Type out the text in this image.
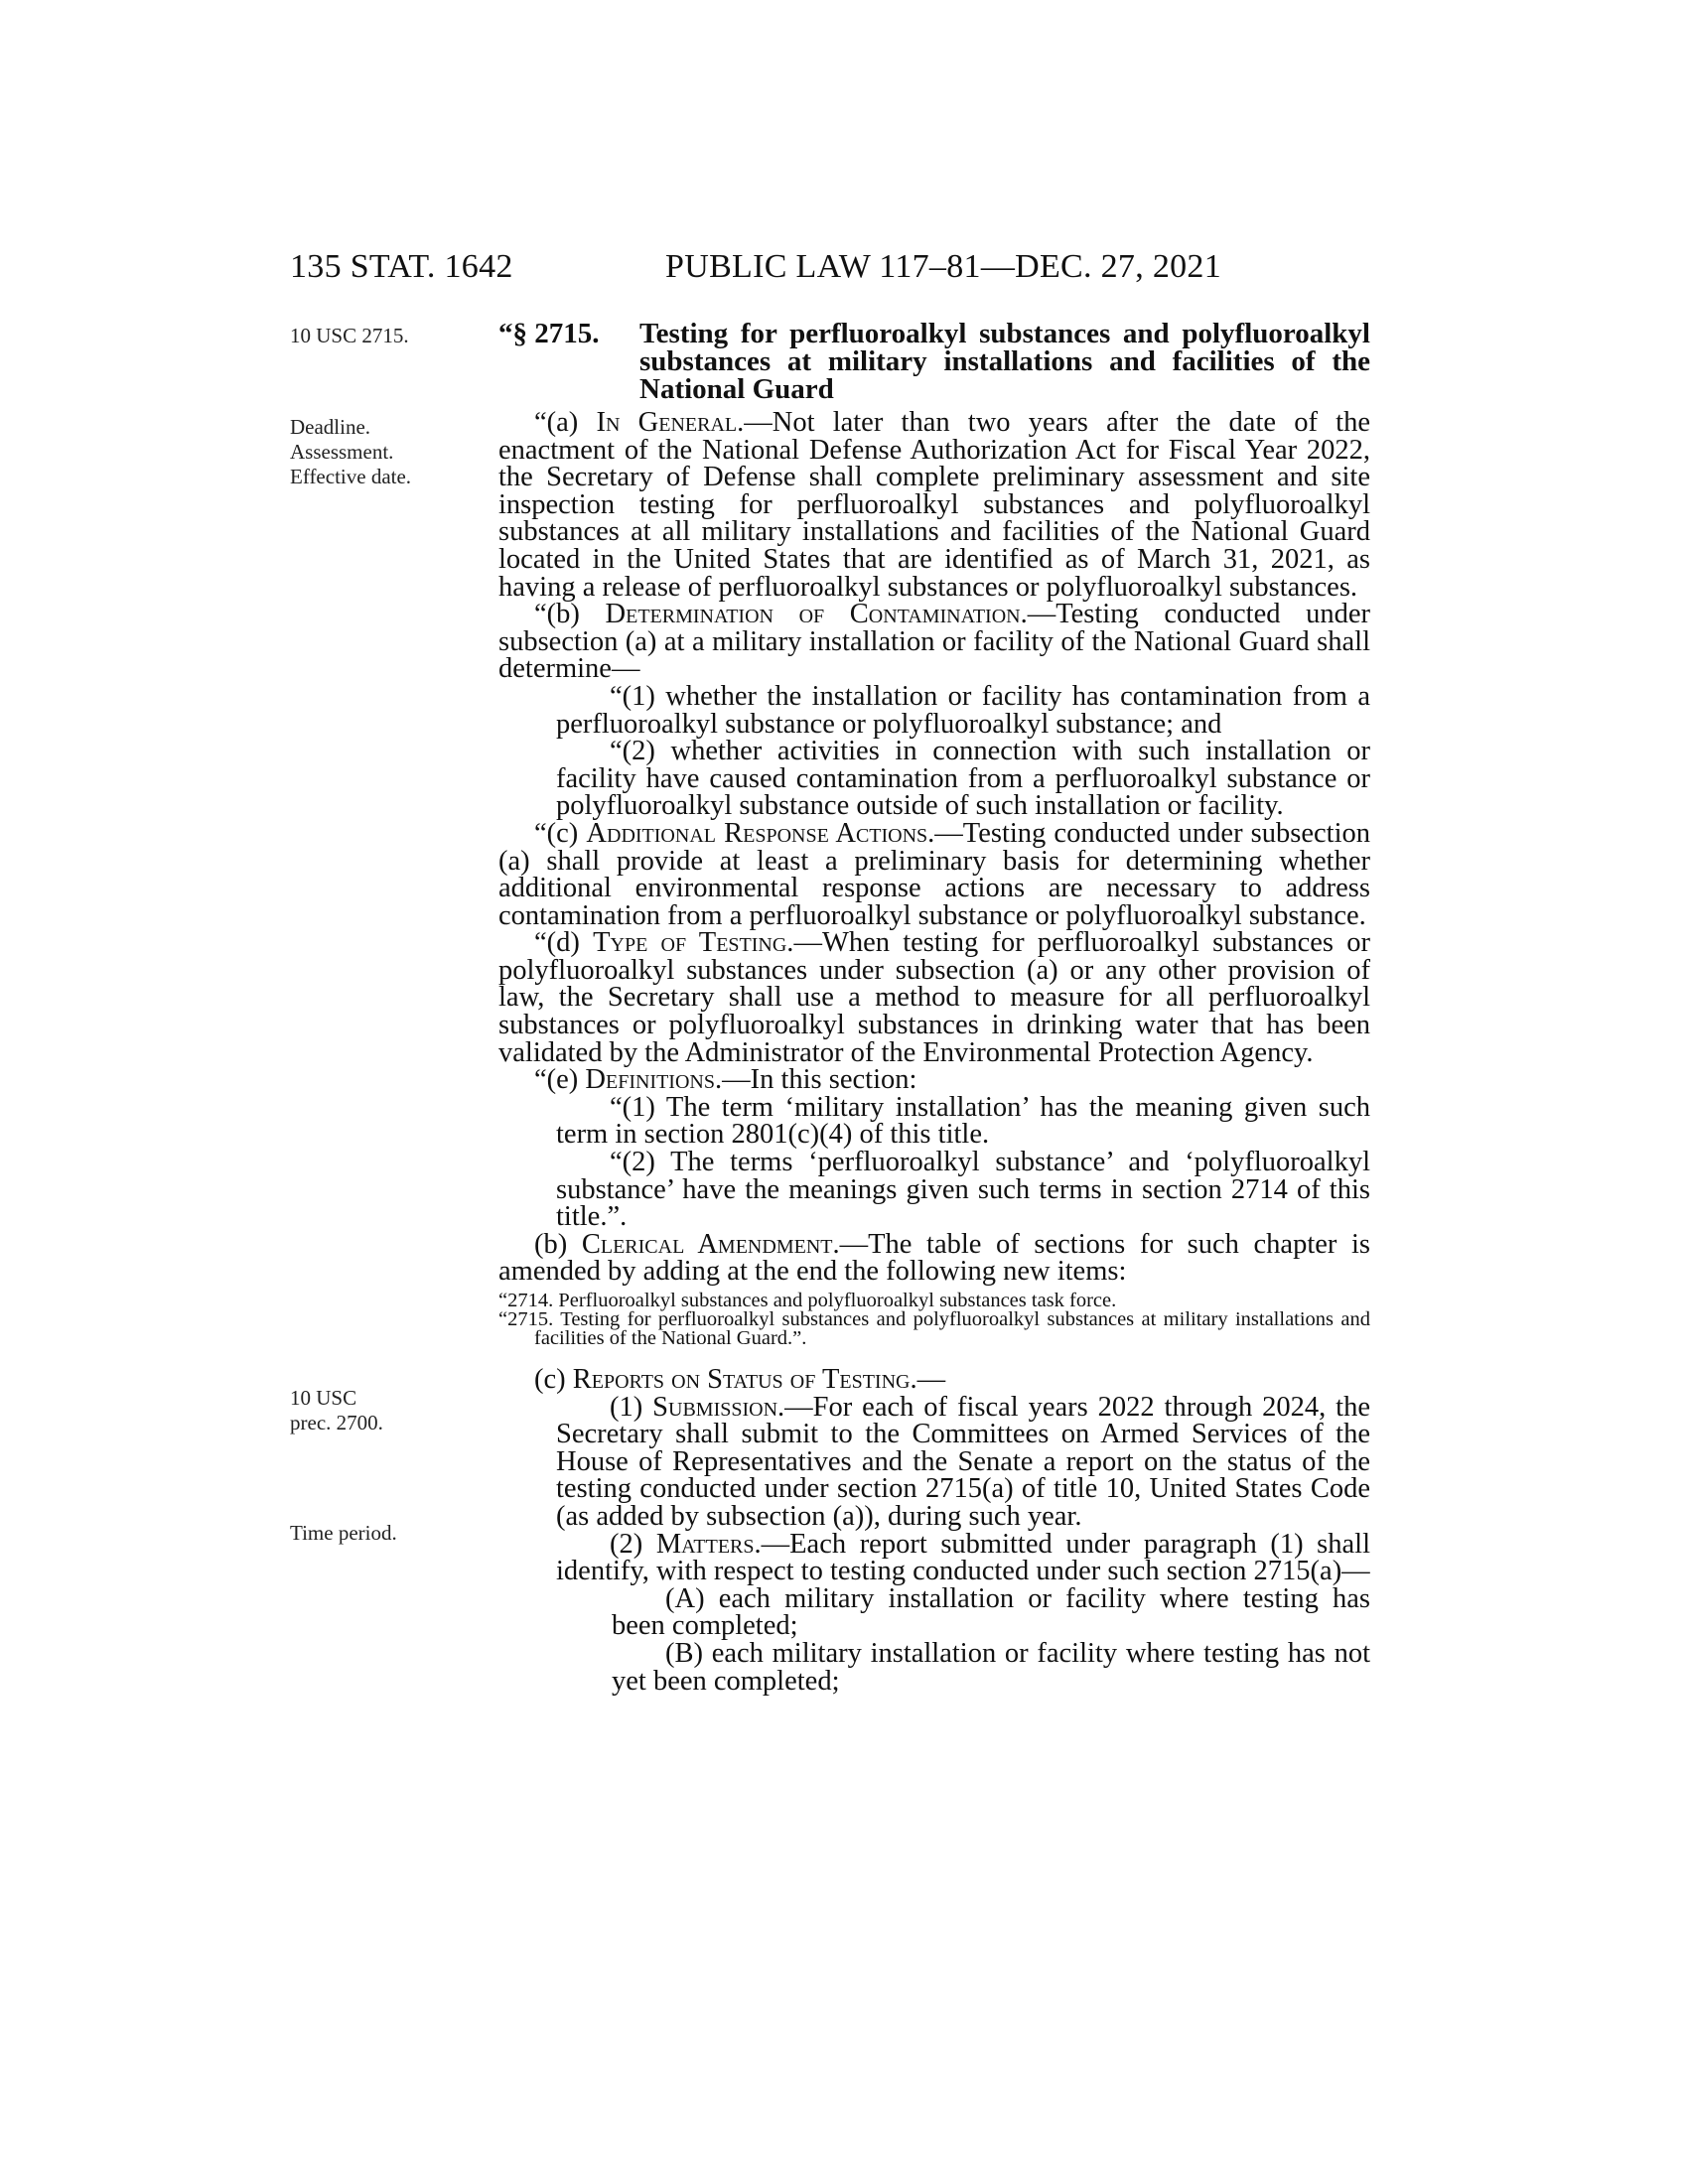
135 STAT. 1642	PUBLIC LAW 117–81—DEC. 27, 2021
10 USC 2715.
Deadline.
Assessment.
Effective date.
10 USC
prec. 2700.
Time period.
“§ 2715.	Testing for perfluoroalkyl substances and polyfluoroalkyl substances at military installations and facilities of the National Guard

“(a) In General.—Not later than two years after the date of the enactment of the National Defense Authorization Act for Fiscal Year 2022, the Secretary of Defense shall complete preliminary assessment and site inspection testing for perfluoroalkyl substances and polyfluoroalkyl substances at all military installations and facilities of the National Guard located in the United States that are identified as of March 31, 2021, as having a release of perfluoroalkyl substances or polyfluoroalkyl substances.

“(b) Determination of Contamination.—Testing conducted under subsection (a) at a military installation or facility of the National Guard shall determine—

“(1) whether the installation or facility has contamination from a perfluoroalkyl substance or polyfluoroalkyl substance; and

“(2) whether activities in connection with such installation or facility have caused contamination from a perfluoroalkyl substance or polyfluoroalkyl substance outside of such installation or facility.

“(c) Additional Response Actions.—Testing conducted under subsection (a) shall provide at least a preliminary basis for determining whether additional environmental response actions are necessary to address contamination from a perfluoroalkyl substance or polyfluoroalkyl substance.

“(d) Type of Testing.—When testing for perfluoroalkyl substances or polyfluoroalkyl substances under subsection (a) or any other provision of law, the Secretary shall use a method to measure for all perfluoroalkyl substances or polyfluoroalkyl substances in drinking water that has been validated by the Administrator of the Environmental Protection Agency.

“(e) Definitions.—In this section:

“(1) The term ‘military installation’ has the meaning given such term in section 2801(c)(4) of this title.

“(2) The terms ‘perfluoroalkyl substance’ and ‘polyfluoroalkyl substance’ have the meanings given such terms in section 2714 of this title.”.

(b) Clerical Amendment.—The table of sections for such chapter is amended by adding at the end the following new items:

“2714. Perfluoroalkyl substances and polyfluoroalkyl substances task force.

“2715. Testing for perfluoroalkyl substances and polyfluoroalkyl substances at military installations and facilities of the National Guard.”.

(c) Reports on Status of Testing.—

(1) Submission.—For each of fiscal years 2022 through 2024, the Secretary shall submit to the Committees on Armed Services of the House of Representatives and the Senate a report on the status of the testing conducted under section 2715(a) of title 10, United States Code (as added by subsection (a)), during such year.

(2) Matters.—Each report submitted under paragraph (1) shall identify, with respect to testing conducted under such section 2715(a)—

(A) each military installation or facility where testing has been completed;

(B) each military installation or facility where testing has not yet been completed;
